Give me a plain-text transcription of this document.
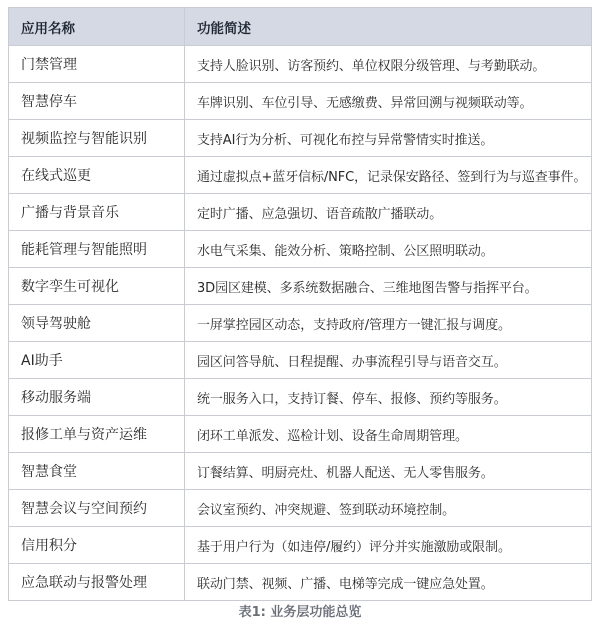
应用名称	功能简述
门禁管理	支持人脸识别、访客预约、单位权限分级管理、与考勤联动。
智慧停车	车牌识别、车位引导、无感缴费、异常回溯与视频联动等。
视频监控与智能识别	支持AI行为分析、可视化布控与异常警情实时推送。
在线式巡更	通过虚拟点+蓝牙信标/NFC，记录保安路径、签到行为与巡查事件。
广播与背景音乐	定时广播、应急强切、语音疏散广播联动。
能耗管理与智能照明	水电气采集、能效分析、策略控制、公区照明联动。
数字孪生可视化	3D园区建模、多系统数据融合、三维地图告警与指挥平台。
领导驾驶舱	一屏掌控园区动态，支持政府/管理方一键汇报与调度。
AI助手	园区问答导航、日程提醒、办事流程引导与语音交互。
移动服务端	统一服务入口，支持订餐、停车、报修、预约等服务。
报修工单与资产运维	闭环工单派发、巡检计划、设备生命周期管理。
智慧食堂	订餐结算、明厨亮灶、机器人配送、无人零售服务。
智慧会议与空间预约	会议室预约、冲突规避、签到联动环境控制。
信用积分	基于用户行为（如违停/履约）评分并实施激励或限制。
应急联动与报警处理	联动门禁、视频、广播、电梯等完成一键应急处置。
表1: 业务层功能总览
